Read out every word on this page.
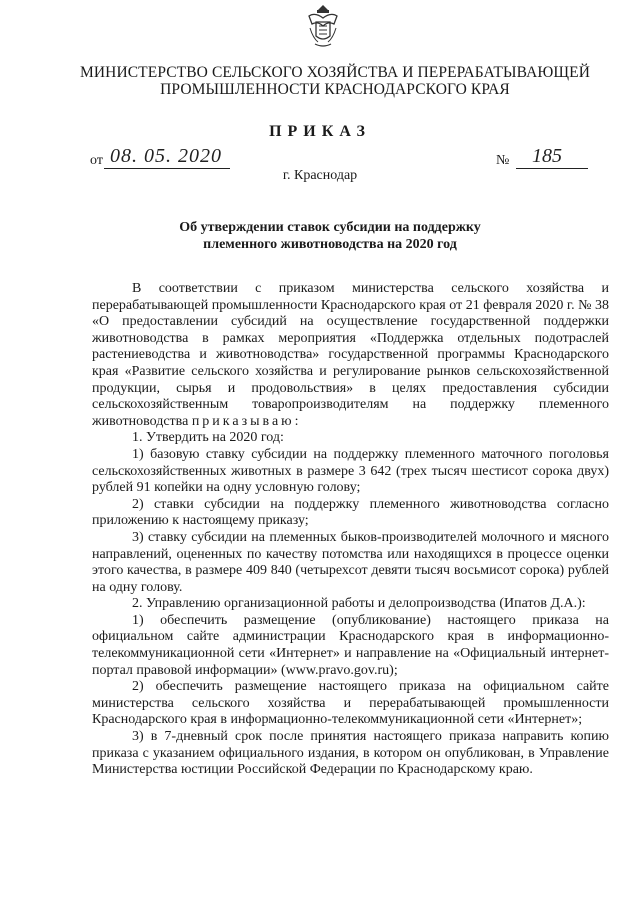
МИНИСТЕРСТВО СЕЛЬСКОГО ХОЗЯЙСТВА И ПЕРЕРАБАТЫВАЮЩЕЙ
ПРОМЫШЛЕННОСТИ КРАСНОДАРСКОГО КРАЯ
ПРИКАЗ
от 08. 05. 2020	№ 185
г. Краснодар
Об утверждении ставок субсидии на поддержку
племенного животноводства на 2020 год

В соответствии с приказом министерства сельского хозяйства и перерабатывающей промышленности Краснодарского края от 21 февраля 2020 г. № 38 «О предоставлении субсидий на осуществление государственной поддержки животноводства в рамках мероприятия «Поддержка отдельных подотраслей растениеводства и животноводства» государственной программы Краснодарского края «Развитие сельского хозяйства и регулирование рынков сельскохозяйственной продукции, сырья и продовольствия» в целях предоставления субсидии сельскохозяйственным товаропроизводителям на поддержку племенного животноводства приказываю:

1. Утвердить на 2020 год:

1) базовую ставку субсидии на поддержку племенного маточного поголовья сельскохозяйственных животных в размере 3 642 (трех тысяч шестисот сорока двух) рублей 91 копейки на одну условную голову;

2) ставки субсидии на поддержку племенного животноводства согласно приложению к настоящему приказу;

3) ставку субсидии на племенных быков-производителей молочного и мясного направлений, оцененных по качеству потомства или находящихся в процессе оценки этого качества, в размере 409 840 (четырехсот девяти тысяч восьмисот сорока) рублей на одну голову.

2. Управлению организационной работы и делопроизводства (Ипатов Д.А.):

1) обеспечить размещение (опубликование) настоящего приказа на официальном сайте администрации Краснодарского края в информационно-телекоммуникационной сети «Интернет» и направление на «Официальный интернет-портал правовой информации» (www.pravo.gov.ru);

2) обеспечить размещение настоящего приказа на официальном сайте министерства сельского хозяйства и перерабатывающей промышленности Краснодарского края в информационно-телекоммуникационной сети «Интернет»;

3) в 7-дневный срок после принятия настоящего приказа направить копию приказа с указанием официального издания, в котором он опубликован, в Управление Министерства юстиции Российской Федерации по Краснодарскому краю.
